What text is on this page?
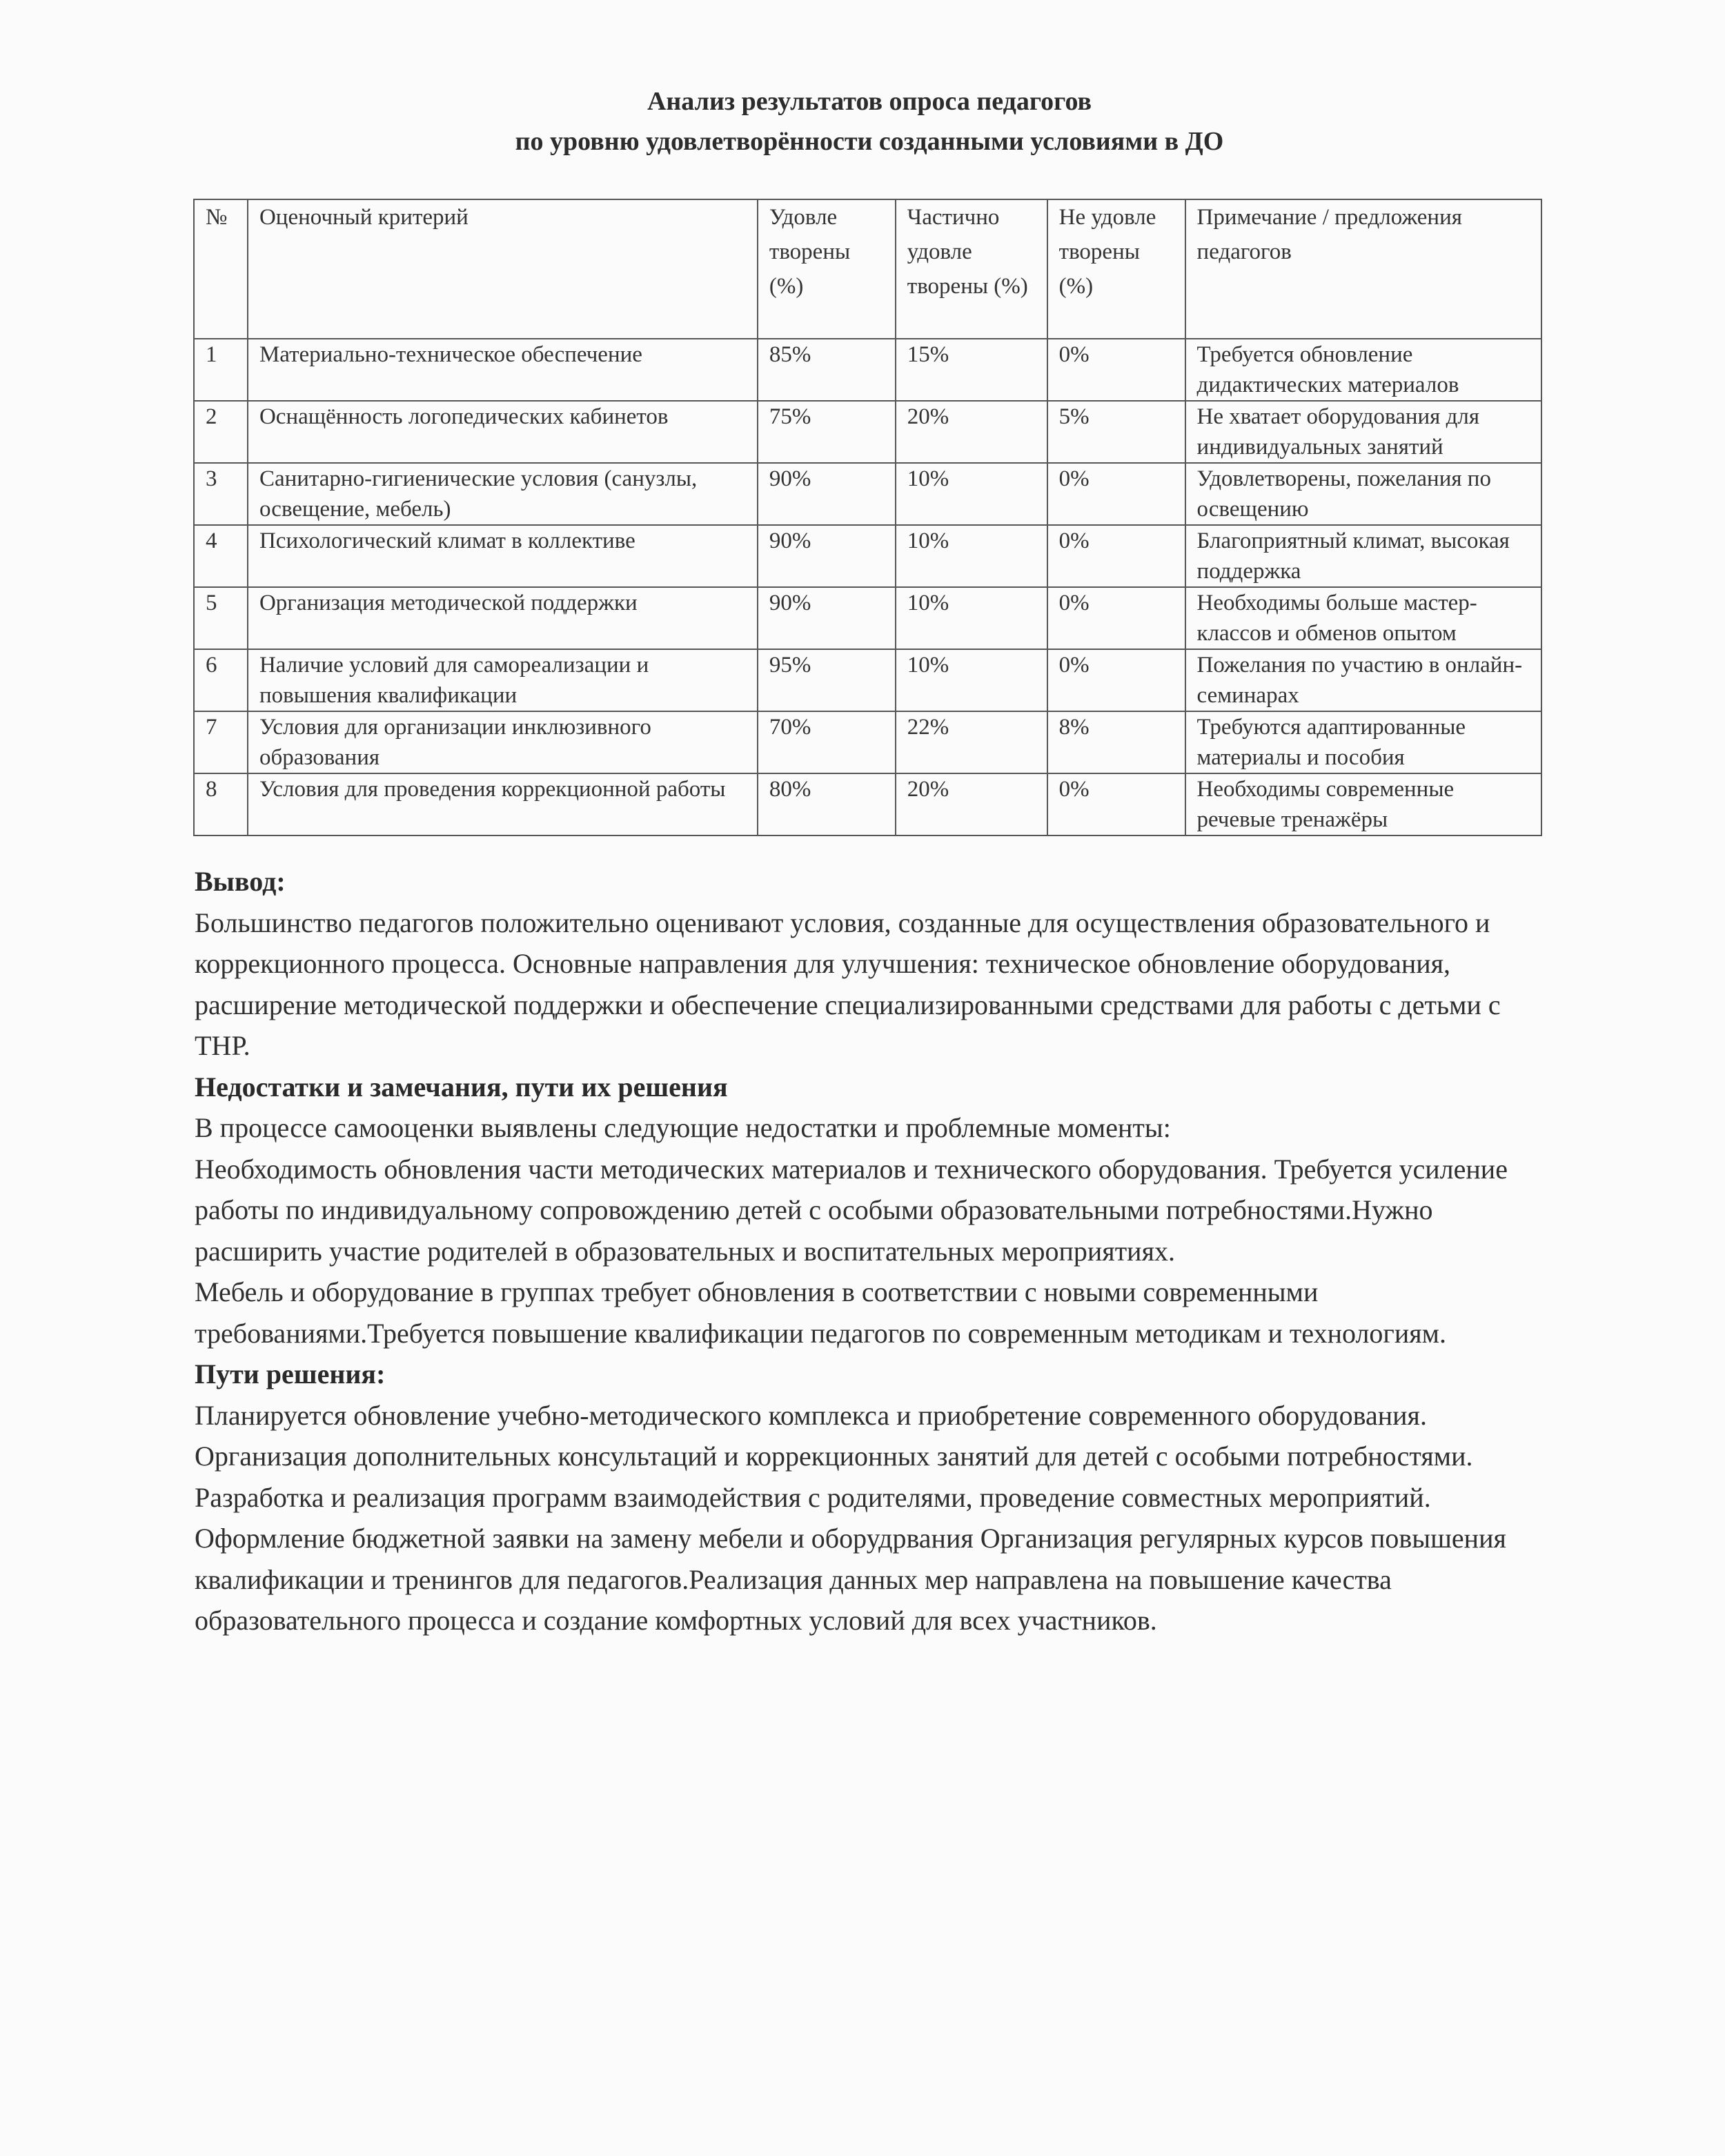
Анализ результатов опроса педагогов
по уровню удовлетворённости созданными условиями в ДО
№	Оценочный критерий	Удовле творены (%)	Частично удовле творены (%)	Не удовле творены (%)	Примечание / предложения педагогов
1	Материально-техническое обеспечение	85%	15%	0%	Требуется обновление дидактических материалов
2	Оснащённость логопедических кабинетов	75%	20%	5%	Не хватает оборудования для индивидуальных занятий
3	Санитарно-гигиенические условия (санузлы, освещение, мебель)	90%	10%	0%	Удовлетворены, пожелания по освещению
4	Психологический климат в коллективе	90%	10%	0%	Благоприятный климат, высокая поддержка
5	Организация методической поддержки	90%	10%	0%	Необходимы больше мастер-классов и обменов опытом
6	Наличие условий для самореализации и повышения квалификации	95%	10%	0%	Пожелания по участию в онлайн-семинарах
7	Условия для организации инклюзивного образования	70%	22%	8%	Требуются адаптированные материалы и пособия
8	Условия для проведения коррекционной работы	80%	20%	0%	Необходимы современные речевые тренажёры

Вывод:

Большинство педагогов положительно оценивают условия, созданные для осуществления образовательного и коррекционного процесса. Основные направления для улучшения: техническое обновление оборудования, расширение методической поддержки и обеспечение специализированными средствами для работы с детьми с ТНР.

Недостатки и замечания, пути их решения

В процессе самооценки выявлены следующие недостатки и проблемные моменты:

Необходимость обновления части методических материалов и технического оборудования. Требуется усиление работы по индивидуальному сопровождению детей с особыми образовательными потребностями.Нужно расширить участие родителей в образовательных и воспитательных мероприятиях.

Мебель и оборудование в группах требует обновления в соответствии с новыми современными требованиями.Требуется повышение квалификации педагогов по современным методикам и технологиям.

Пути решения:

Планируется обновление учебно-методического комплекса и приобретение современного оборудования. Организация дополнительных консультаций и коррекционных занятий для детей с особыми потребностями. Разработка и реализация программ взаимодействия с родителями, проведение совместных мероприятий. Оформление бюджетной заявки на замену мебели и оборудрвания Организация регулярных курсов повышения квалификации и тренингов для педагогов.Реализация данных мер направлена на повышение качества образовательного процесса и создание комфортных условий для всех участников.
